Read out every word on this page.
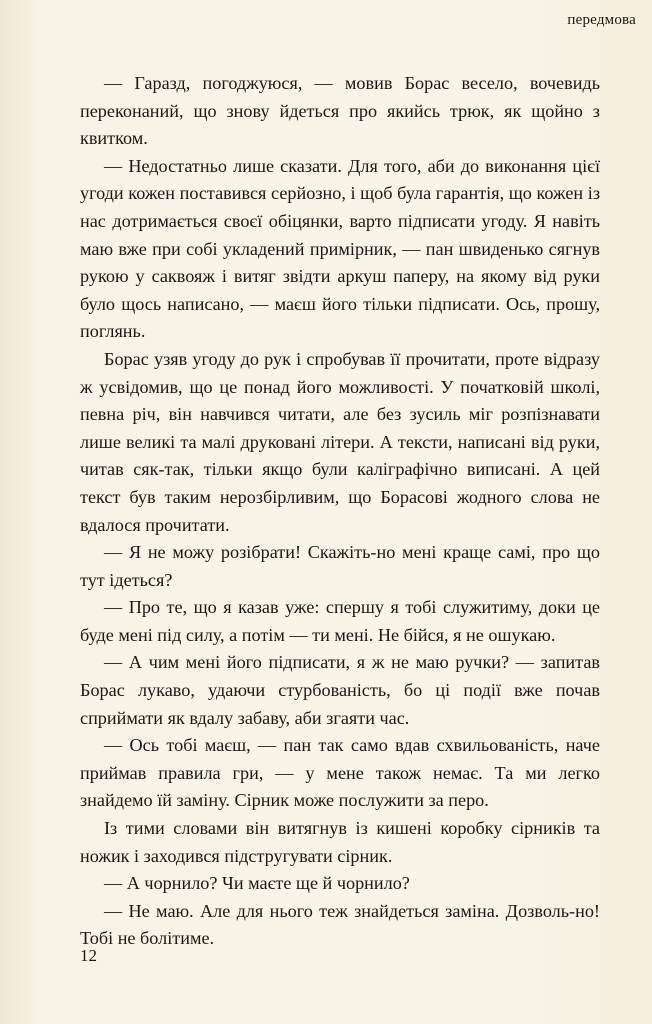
передмова

— Гаразд, погоджуюся, — мовив Борас весело, вочевидь переконаний, що знову йдеться про якийсь трюк, як щойно з квитком.

— Недостатньо лише сказати. Для того, аби до виконання цієї угоди кожен поставився серйозно, і щоб була гарантія, що кожен із нас дотримається своєї обіцянки, варто підписати угоду. Я навіть маю вже при собі укладений примірник, — пан швиденько сягнув рукою у саквояж і витяг звідти аркуш паперу, на якому від руки було щось написано, — маєш його тільки підписати. Ось, прошу, поглянь.

Борас узяв угоду до рук і спробував її прочитати, проте відразу ж усвідомив, що це понад його можливості. У початковій школі, певна річ, він навчився читати, але без зусиль міг розпізнавати лише великі та малі друковані літери. А тексти, написані від руки, читав сяк-так, тільки якщо були каліграфічно виписані. А цей текст був таким нерозбірливим, що Борасові жодного слова не вдалося прочитати.

— Я не можу розібрати! Скажіть-но мені краще самі, про що тут ідеться?

— Про те, що я казав уже: спершу я тобі служитиму, доки це буде мені під силу, а потім — ти мені. Не бійся, я не ошукаю.

— А чим мені його підписати, я ж не маю ручки? — запитав Борас лукаво, удаючи стурбованість, бо ці події вже почав сприймати як вдалу забаву, аби згаяти час.

— Ось тобі маєш, — пан так само вдав схвильованість, наче приймав правила гри, — у мене також немає. Та ми легко знайдемо їй заміну. Сірник може послужити за перо.

Із тими словами він витягнув із кишені коробку сірників та ножик і заходився підстругувати сірник.

— А чорнило? Чи маєте ще й чорнило?

— Не маю. Але для нього теж знайдеться заміна. Дозволь-но! Тобі не болітиме.

12
